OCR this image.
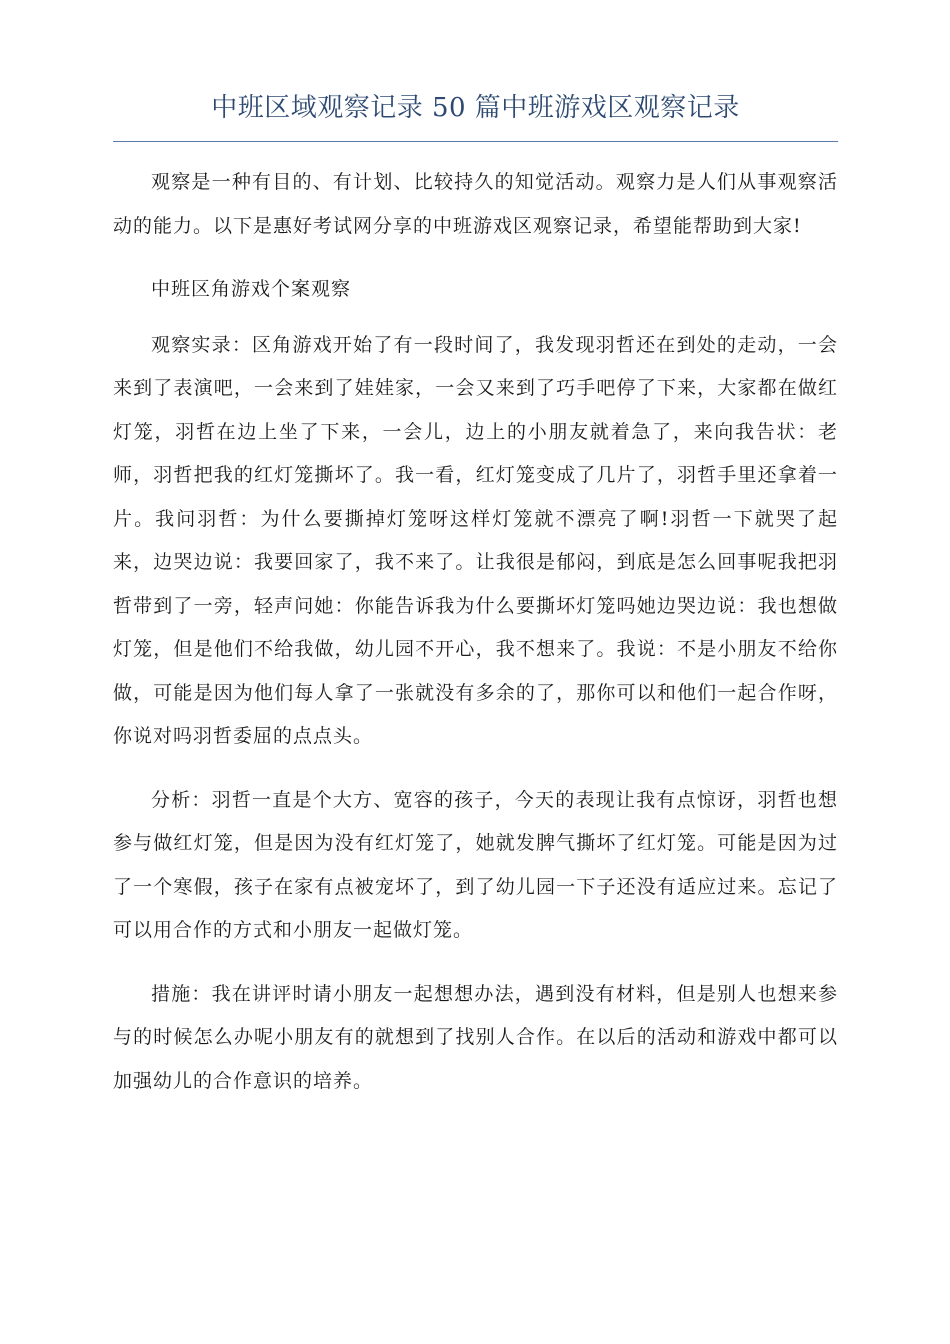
中班区域观察记录 50 篇中班游戏区观察记录

观察是一种有目的、有计划、比较持久的知觉活动。观察力是人们从事观察活动的能力。以下是惠好考试网分享的中班游戏区观察记录，希望能帮助到大家!

中班区角游戏个案观察

观察实录：区角游戏开始了有一段时间了，我发现羽哲还在到处的走动，一会来到了表演吧，一会来到了娃娃家，一会又来到了巧手吧停了下来，大家都在做红灯笼，羽哲在边上坐了下来，一会儿，边上的小朋友就着急了，来向我告状：老师，羽哲把我的红灯笼撕坏了。我一看，红灯笼变成了几片了，羽哲手里还拿着一片。我问羽哲：为什么要撕掉灯笼呀这样灯笼就不漂亮了啊!羽哲一下就哭了起来，边哭边说：我要回家了，我不来了。让我很是郁闷，到底是怎么回事呢我把羽哲带到了一旁，轻声问她：你能告诉我为什么要撕坏灯笼吗她边哭边说：我也想做灯笼，但是他们不给我做，幼儿园不开心，我不想来了。我说：不是小朋友不给你做，可能是因为他们每人拿了一张就没有多余的了，那你可以和他们一起合作呀，你说对吗羽哲委屈的点点头。

分析：羽哲一直是个大方、宽容的孩子，今天的表现让我有点惊讶，羽哲也想参与做红灯笼，但是因为没有红灯笼了，她就发脾气撕坏了红灯笼。可能是因为过了一个寒假，孩子在家有点被宠坏了，到了幼儿园一下子还没有适应过来。忘记了可以用合作的方式和小朋友一起做灯笼。

措施：我在讲评时请小朋友一起想想办法，遇到没有材料，但是别人也想来参与的时候怎么办呢小朋友有的就想到了找别人合作。在以后的活动和游戏中都可以加强幼儿的合作意识的培养。
